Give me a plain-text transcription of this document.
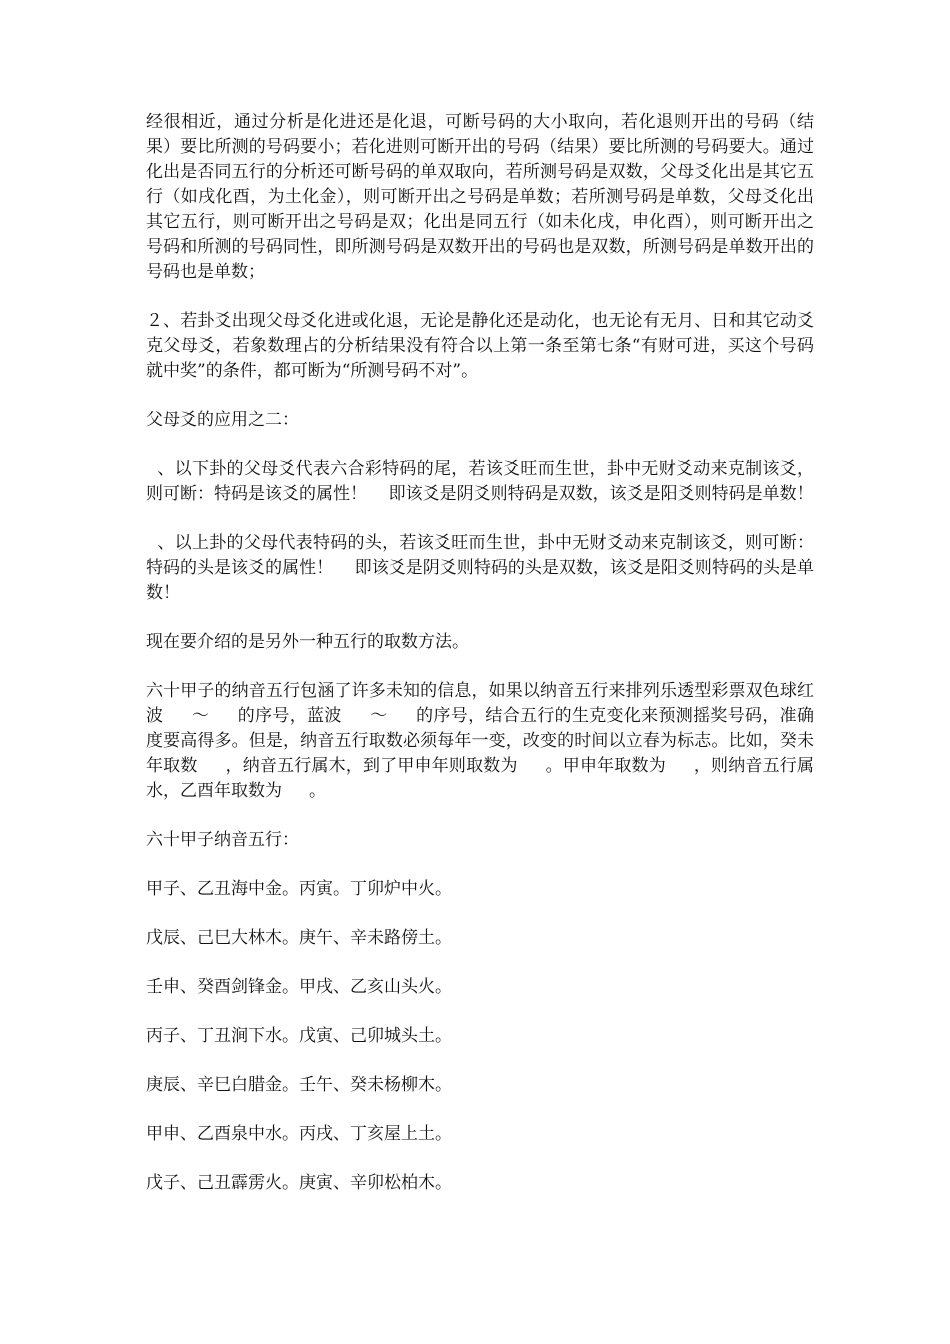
经很相近，通过分析是化进还是化退，可断号码的大小取向，若化退则开出的号码（结果）要比所测的号码要小；若化进则可断开出的号码（结果）要比所测的号码要大。通过化出是否同五行的分析还可断号码的单双取向，若所测号码是双数，父母爻化出是其它五行（如戌化酉，为土化金），则可断开出之号码是单数；若所测号码是单数，父母爻化出其它五行，则可断开出之号码是双；化出是同五行（如未化戌，申化酉），则可断开出之号码和所测的号码同性，即所测号码是双数开出的号码也是双数，所测号码是单数开出的号码也是单数；

２、若卦爻出现父母爻化进或化退，无论是静化还是动化，也无论有无月、日和其它动爻克父母爻，若象数理占的分析结果没有符合以上第一条至第七条“有财可进，买这个号码就中奖”的条件，都可断为“所测号码不对”。

父母爻的应用之二：

、以下卦的父母爻代表六合彩特码的尾，若该爻旺而生世，卦中无财爻动来克制该爻，则可断：特码是该爻的属性！    即该爻是阴爻则特码是双数，该爻是阳爻则特码是单数！

、以上卦的父母代表特码的头，若该爻旺而生世，卦中无财爻动来克制该爻，则可断：特码的头是该爻的属性！    即该爻是阴爻则特码的头是双数，该爻是阳爻则特码的头是单数！

现在要介绍的是另外一种五行的取数方法。

六十甲子的纳音五行包涵了许多未知的信息，如果以纳音五行来排列乐透型彩票双色球红波     ～     的序号，蓝波     ～     的序号，结合五行的生克变化来预测摇奖号码，准确度要高得多。但是，纳音五行取数必须每年一变，改变的时间以立春为标志。比如，癸未年取数     ，纳音五行属木，到了甲申年则取数为     。甲申年取数为     ，则纳音五行属水，乙酉年取数为     。

六十甲子纳音五行：

甲子、乙丑海中金。丙寅。丁卯炉中火。

戊辰、己巳大林木。庚午、辛未路傍土。

壬申、癸酉剑锋金。甲戌、乙亥山头火。

丙子、丁丑涧下水。戊寅、己卯城头土。

庚辰、辛巳白腊金。壬午、癸未杨柳木。

甲申、乙酉泉中水。丙戌、丁亥屋上土。

戊子、己丑霹雳火。庚寅、辛卯松柏木。
